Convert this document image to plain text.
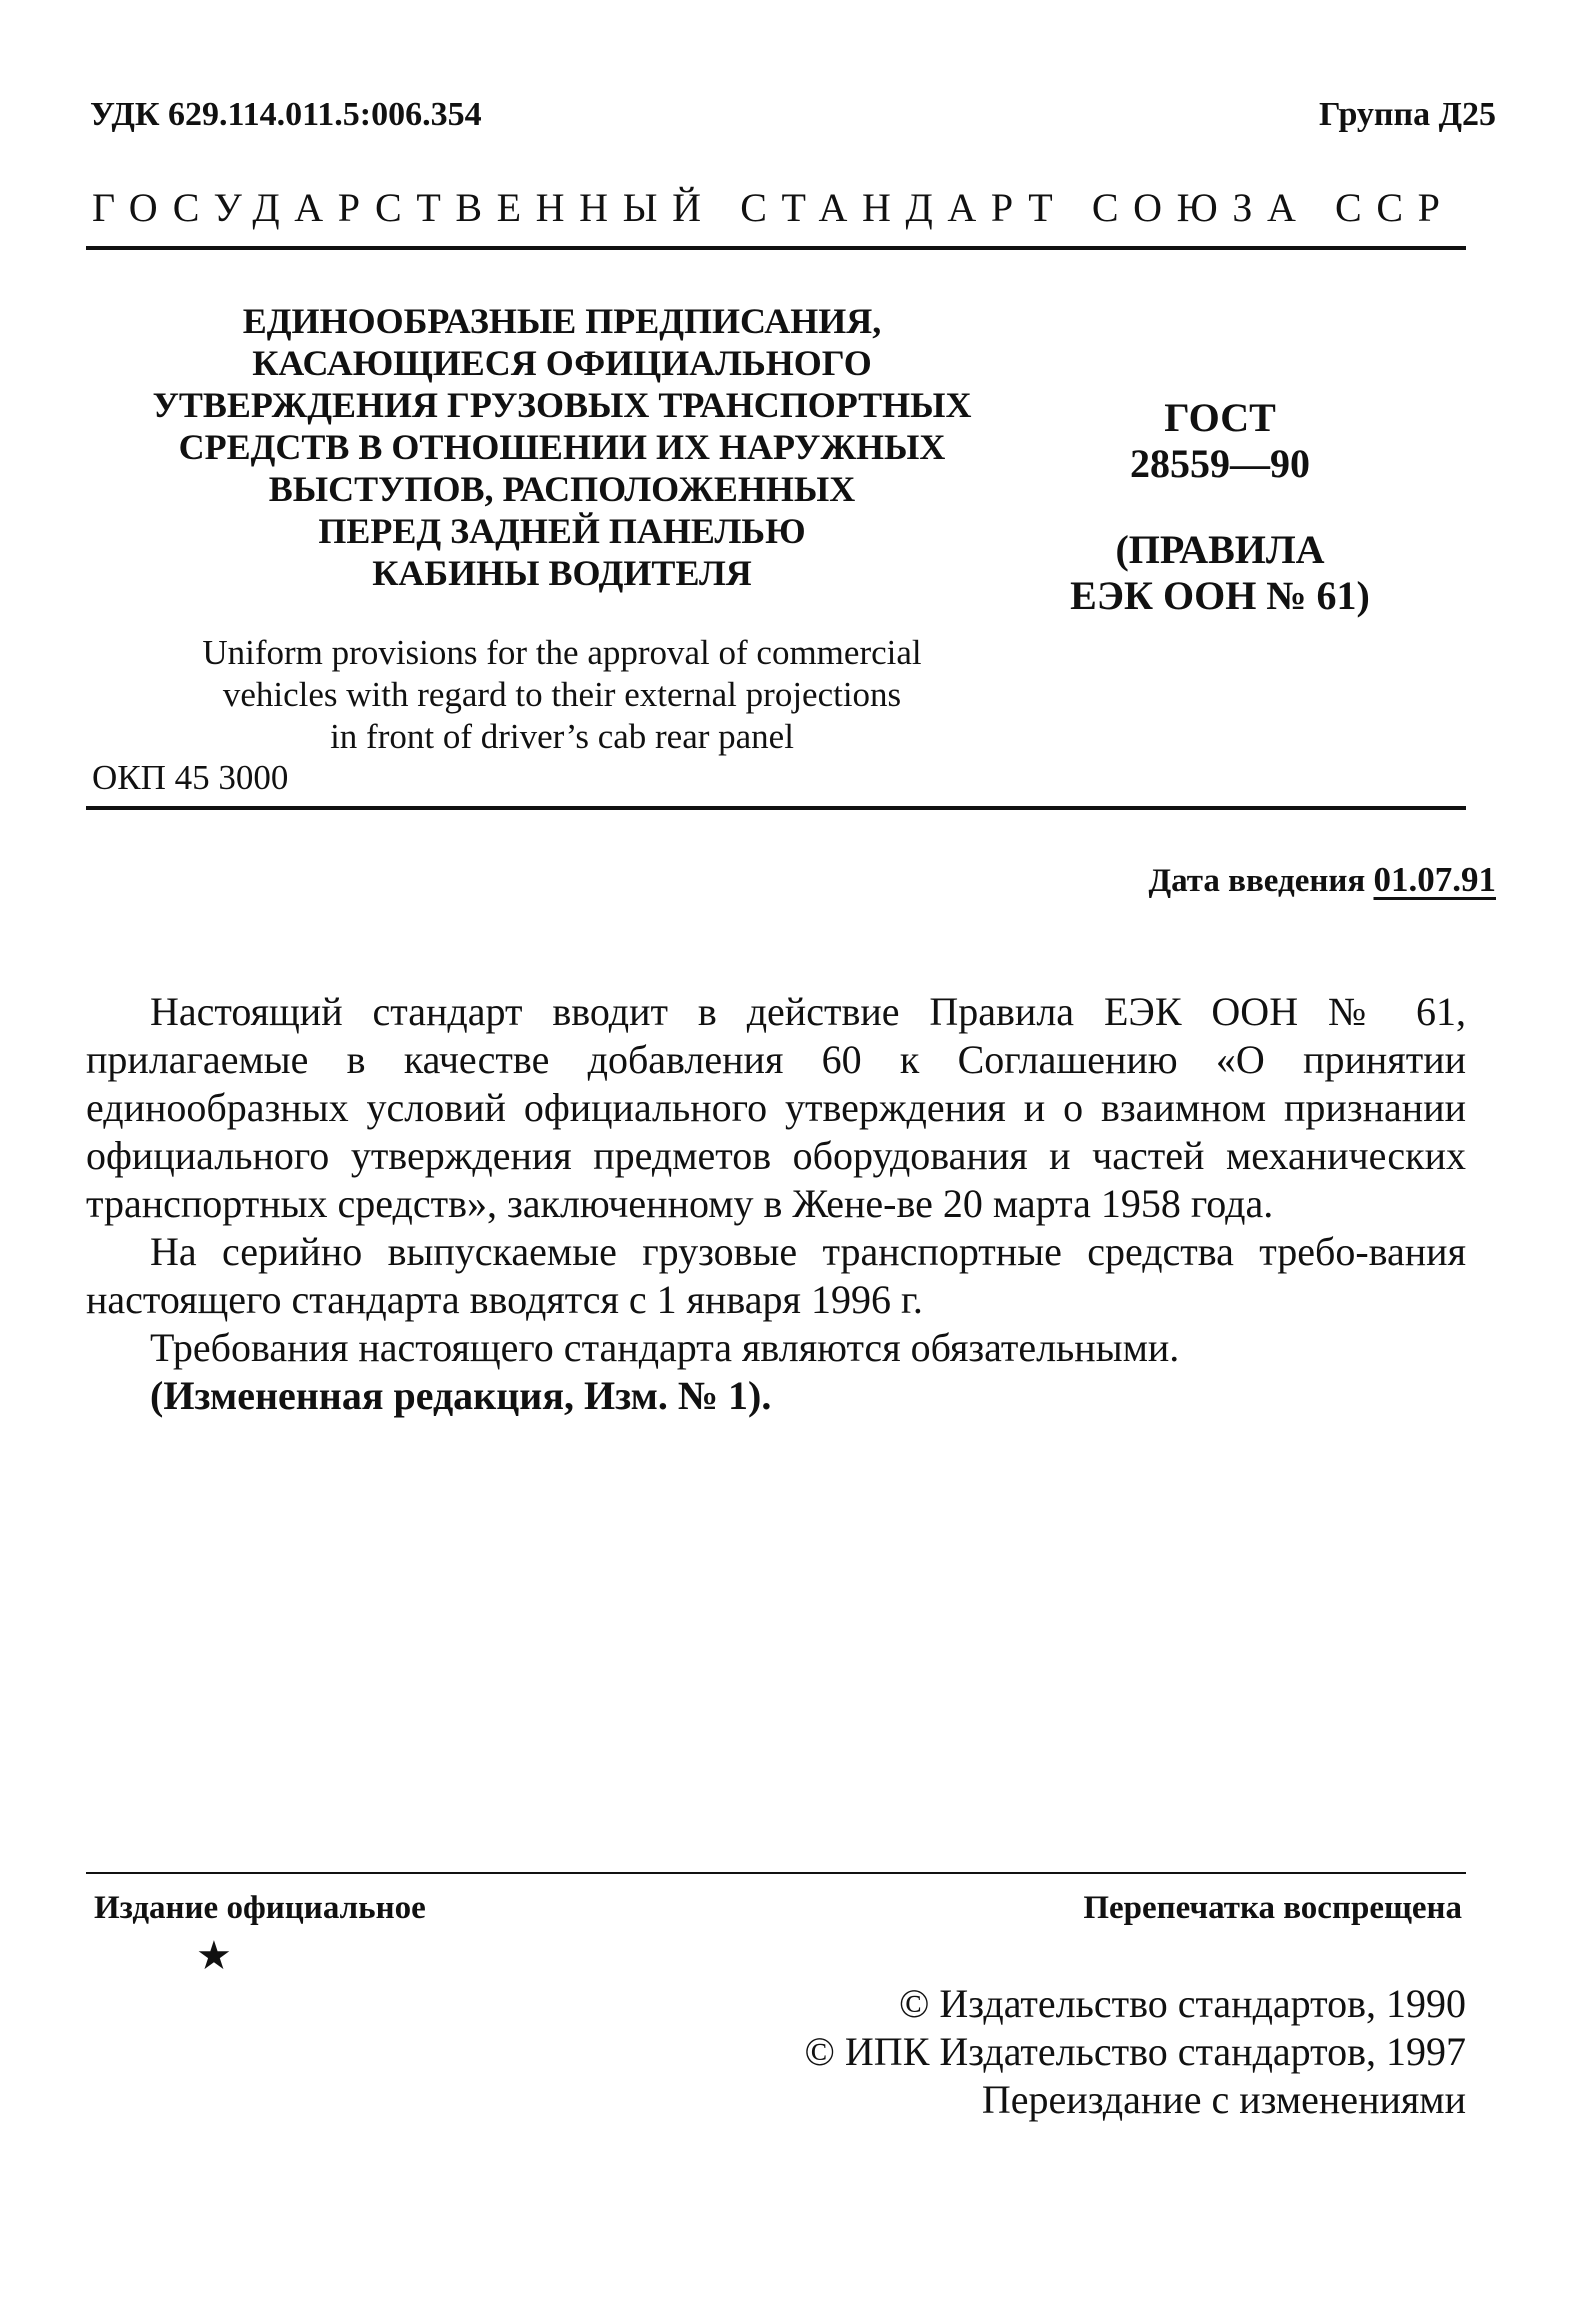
УДК 629.114.011.5:006.354	Группа Д25
ГОСУДАРСТВЕННЫЙ СТАНДАРТ СОЮЗА ССР
ЕДИНООБРАЗНЫЕ ПРЕДПИСАНИЯ,
КАСАЮЩИЕСЯ ОФИЦИАЛЬНОГО
УТВЕРЖДЕНИЯ ГРУЗОВЫХ ТРАНСПОРТНЫХ
СРЕДСТВ В ОТНОШЕНИИ ИХ НАРУЖНЫХ
ВЫСТУПОВ, РАСПОЛОЖЕННЫХ
ПЕРЕД ЗАДНЕЙ ПАНЕЛЬЮ
КАБИНЫ ВОДИТЕЛЯ
ГОСТ
28559—90
(ПРАВИЛА
ЕЭК ООН № 61)
Uniform provisions for the approval of commercial
vehicles with regard to their external projections
in front of driver’s cab rear panel
ОКП 45 3000
Дата введения 01.07.91

Настоящий стандарт вводит в действие Правила ЕЭК ООН № 61, прилагаемые в качестве добавления 60 к Соглашению «О принятии единообразных условий официального утверждения и о взаимном признании официального утверждения предметов оборудования и частей механических транспортных средств», заключенному в Жене-ве 20 марта 1958 года.

На серийно выпускаемые грузовые транспортные средства требо-вания настоящего стандарта вводятся с 1 января 1996 г.

Требования настоящего стандарта являются обязательными.

(Измененная редакция, Изм. № 1).

Издание официальное
★
Перепечатка воспрещена
© Издательство стандартов, 1990
© ИПК Издательство стандартов, 1997
Переиздание с изменениями
